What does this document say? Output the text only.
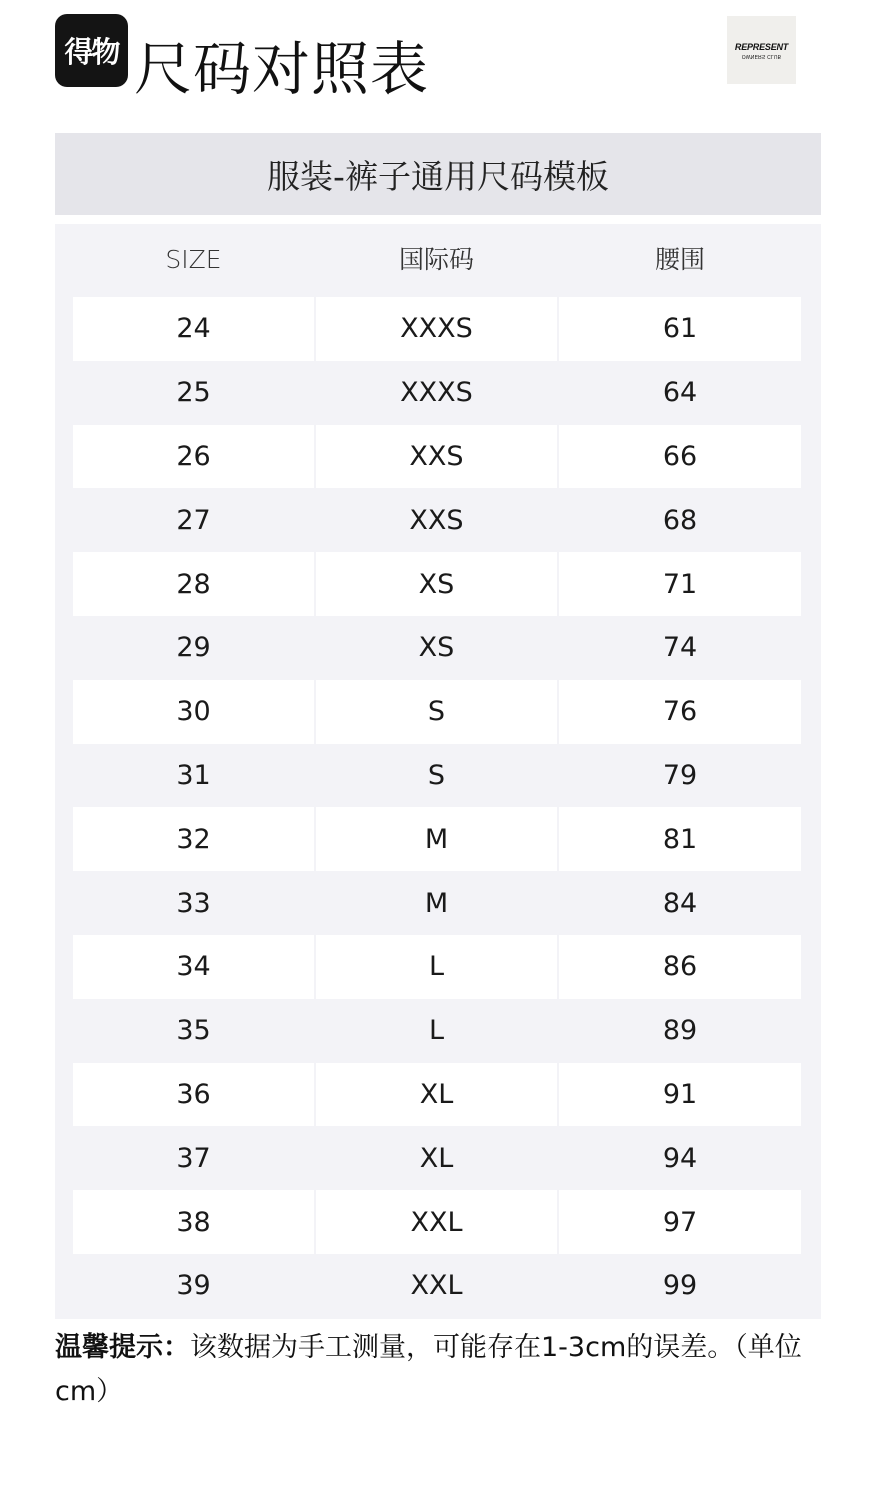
得物 尺码对照表	REPRESENT
OWNERS CLUB
服装-裤子通用尺码模板
SIZE	国际码	腰围
24	XXXS	61
25	XXXS	64
26	XXS	66
27	XXS	68
28	XS	71
29	XS	74
30	S	76
31	S	79
32	M	81
33	M	84
34	L	86
35	L	89
36	XL	91
37	XL	94
38	XXL	97
39	XXL	99
温馨提示：该数据为手工测量，可能存在1-3cm的误差。（单位cm）
